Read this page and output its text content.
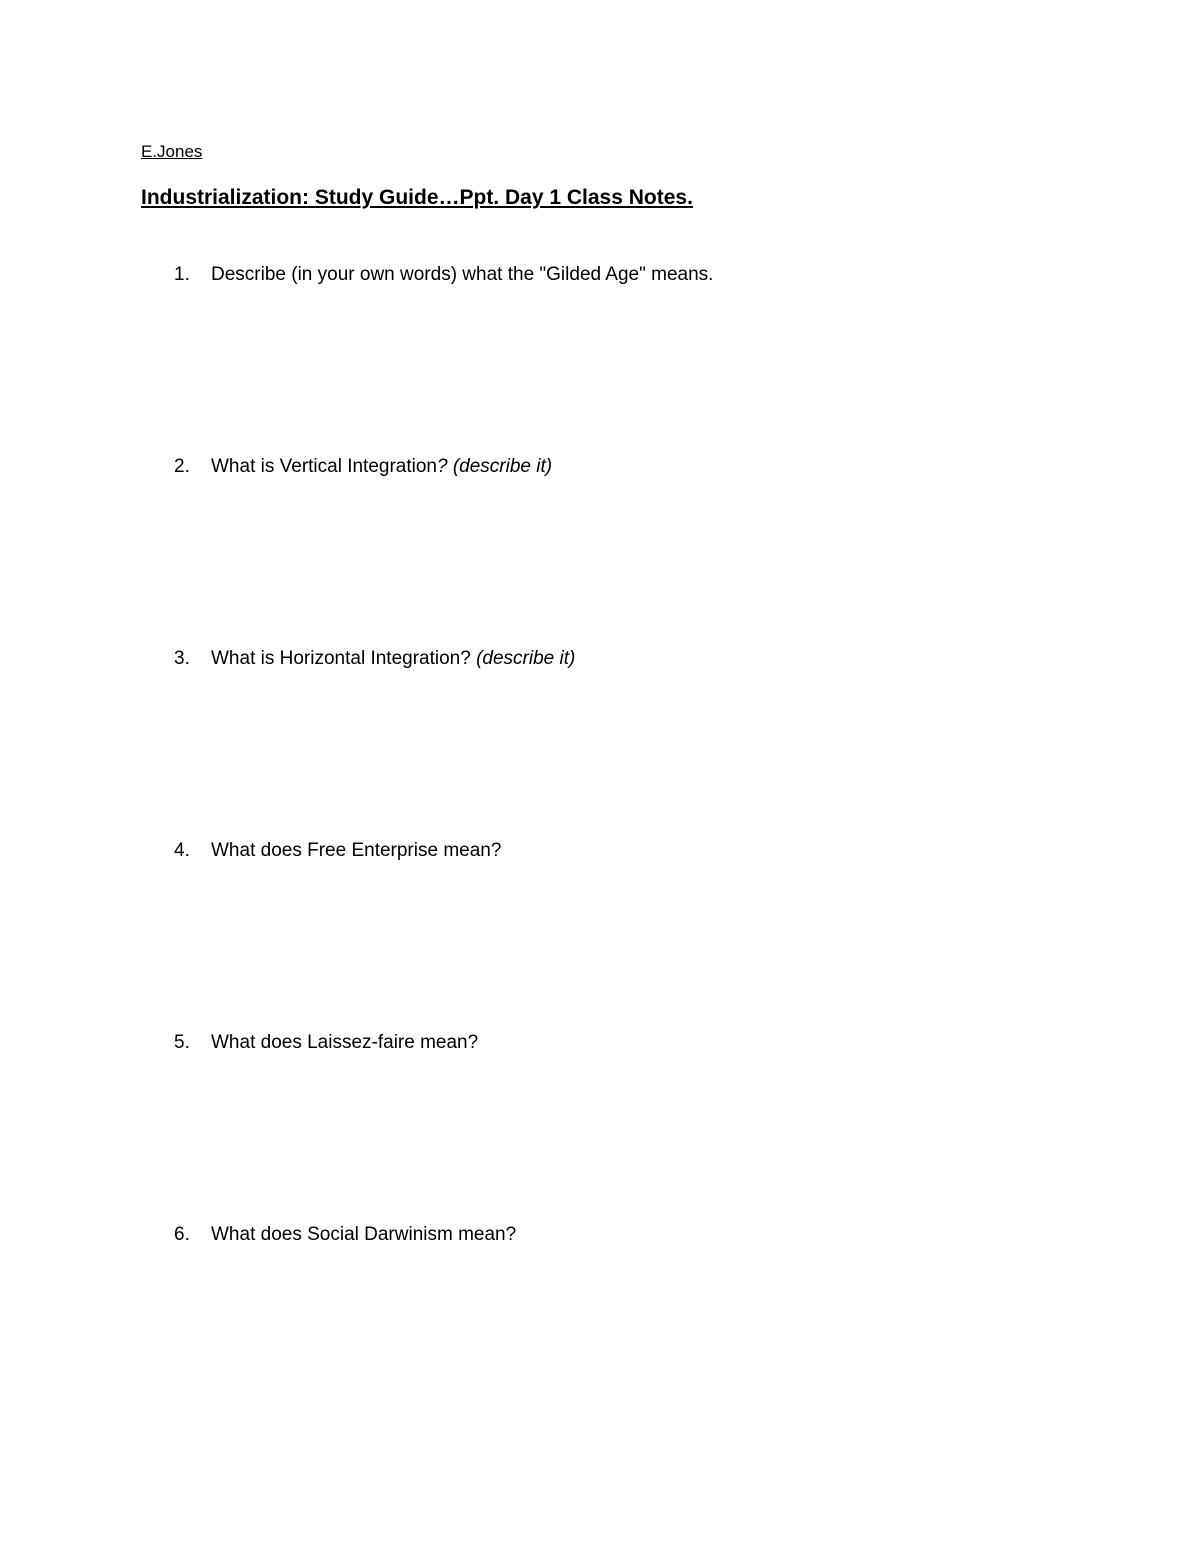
E.Jones
Industrialization: Study Guide…Ppt. Day 1 Class Notes.
1. Describe (in your own words) what the "Gilded Age" means.
2. What is Vertical Integration? (describe it)
3. What is Horizontal Integration? (describe it)
4. What does Free Enterprise mean?
5. What does Laissez-faire mean?
6. What does Social Darwinism mean?
